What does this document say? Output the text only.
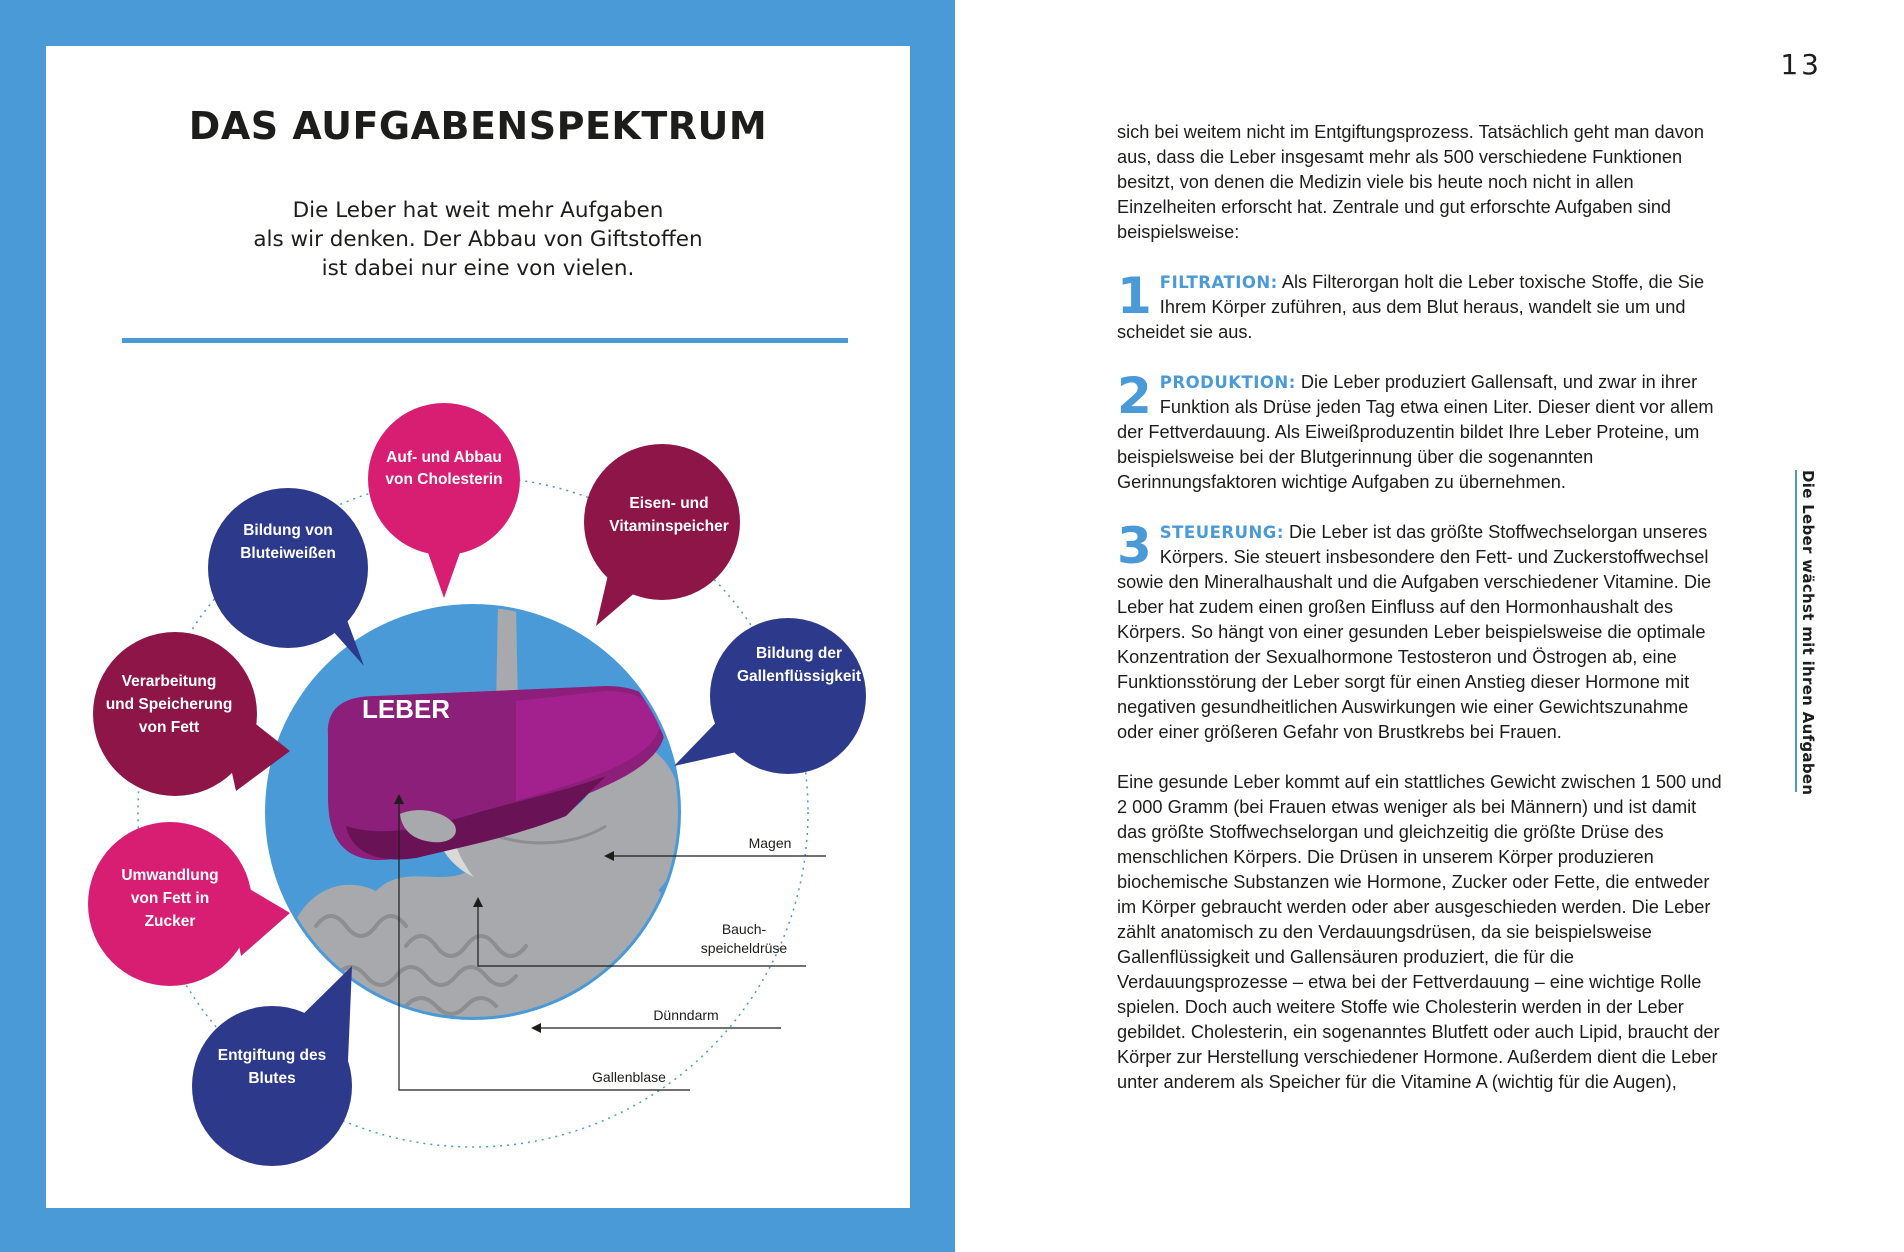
DAS AUFGABENSPEKTRUM
Die Leber hat weit mehr Aufgaben
als wir denken. Der Abbau von Giftstoffen
ist dabei nur eine von vielen.
LEBER
Magen
Bauch-
speicheldrüse
Dünndarm
Gallenblase
Auf- und Abbau
von Cholesterin
Eisen- und
Vitaminspeicher
Bildung der
Gallenflüssigkeit
Bildung von
Bluteiweißen
Verarbeitung
und Speicherung
von Fett
Umwandlung
von Fett in
Zucker
Entgiftung des
Blutes
13

sich bei weitem nicht im Entgiftungsprozess. Tatsächlich geht man davon aus, dass die Leber insgesamt mehr als 500 verschiedene Funktionen besitzt, von denen die Medizin viele bis heute noch nicht in allen Einzelheiten erforscht hat. Zentrale und gut erforschte Aufgaben sind beispielsweise:

1 FILTRATION: Als Filterorgan holt die Leber toxische Stoffe, die Sie Ihrem Körper zuführen, aus dem Blut heraus, wandelt sie um und scheidet sie aus.

2 PRODUKTION: Die Leber produziert Gallensaft, und zwar in ihrer Funktion als Drüse jeden Tag etwa einen Liter. Dieser dient vor allem der Fettverdauung. Als Eiweißproduzentin bildet Ihre Leber Proteine, um beispielsweise bei der Blutgerinnung über die sogenannten Gerinnungsfaktoren wichtige Aufgaben zu übernehmen.

3 STEUERUNG: Die Leber ist das größte Stoffwechselorgan unseres Körpers. Sie steuert insbesondere den Fett- und Zuckerstoffwechsel sowie den Mineralhaushalt und die Aufgaben verschiedener Vitamine. Die Leber hat zudem einen großen Einfluss auf den Hormonhaushalt des Körpers. So hängt von einer gesunden Leber beispielsweise die optimale Konzentration der Sexualhormone Testosteron und Östrogen ab, eine Funktionsstörung der Leber sorgt für einen Anstieg dieser Hormone mit negativen gesundheitlichen Auswirkungen wie einer Gewichtszunahme oder einer größeren Gefahr von Brustkrebs bei Frauen.

Eine gesunde Leber kommt auf ein stattliches Gewicht zwischen 1 500 und 2 000 Gramm (bei Frauen etwas weniger als bei Männern) und ist damit das größte Stoffwechselorgan und gleichzeitig die größte Drüse des menschlichen Körpers. Die Drüsen in unserem Körper produzieren biochemische Substanzen wie Hormone, Zucker oder Fette, die entweder im Körper gebraucht werden oder aber ausgeschieden werden. Die Leber zählt anatomisch zu den Verdauungsdrüsen, da sie beispielsweise Gallenflüssigkeit und Gallensäuren produziert, die für die Verdauungsprozesse – etwa bei der Fettverdauung – eine wichtige Rolle spielen. Doch auch weitere Stoffe wie Cholesterin werden in der Leber gebildet. Cholesterin, ein sogenanntes Blutfett oder auch Lipid, braucht der Körper zur Herstellung verschiedener Hormone. Außerdem dient die Leber unter anderem als Speicher für die Vitamine A (wichtig für die Augen),

Die Leber wächst mit ihren Aufgaben
